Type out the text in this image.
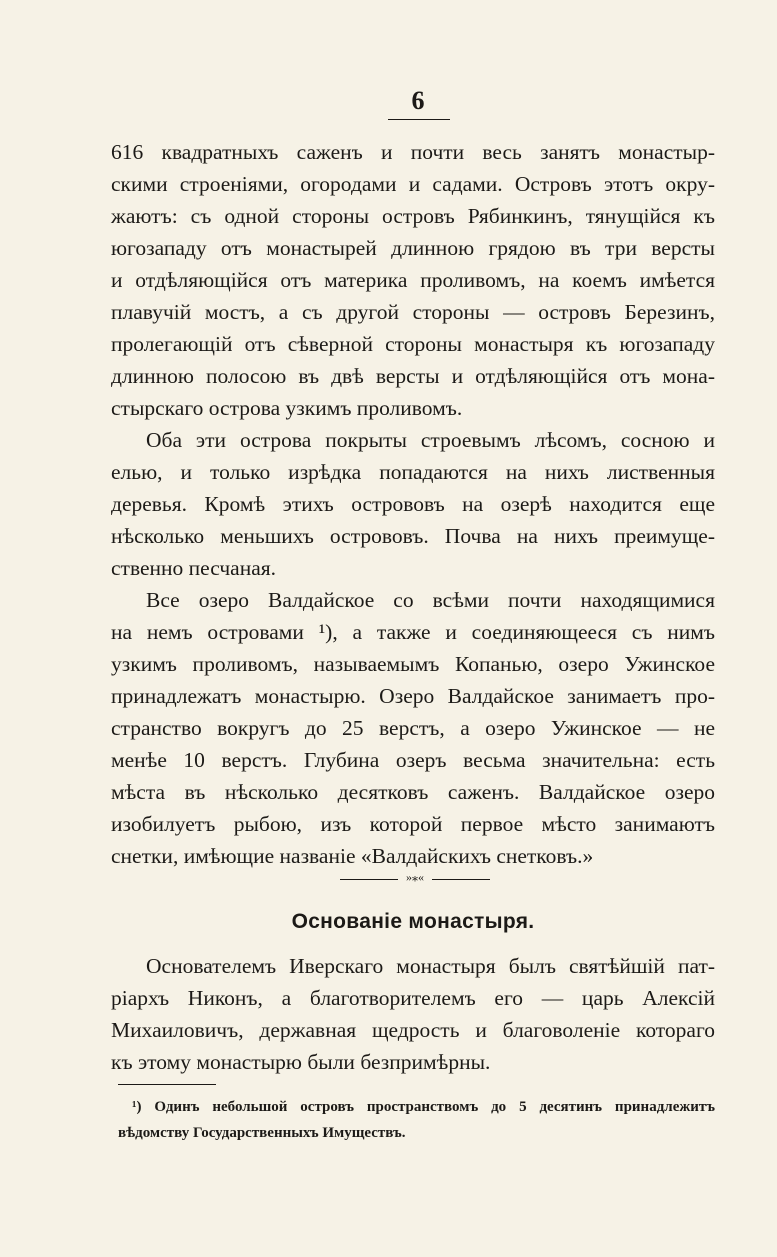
6
616 квадратныхъ саженъ и почти весь занятъ монастыр-
скими строеніями, огородами и садами. Островъ этотъ окру-
жаютъ: съ одной стороны островъ Рябинкинъ, тянущійся къ
югозападу отъ монастырей длинною грядою въ три версты
и отдѣляющійся отъ материка проливомъ, на коемъ имѣется
плавучій мостъ, а съ другой стороны — островъ Березинъ,
пролегающій отъ сѣверной стороны монастыря къ югозападу
длинною полосою въ двѣ версты и отдѣляющійся отъ мона-
стырскаго острова узкимъ проливомъ.
Оба эти острова покрыты строевымъ лѣсомъ, сосною и
елью, и только изрѣдка попадаются на нихъ лиственныя
деревья. Кромѣ этихъ острововъ на озерѣ находится еще
нѣсколько меньшихъ острововъ. Почва на нихъ преимуще-
ственно песчаная.
Все озеро Валдайское со всѣми почти находящимися
на немъ островами ¹), а также и соединяющееся съ нимъ
узкимъ проливомъ, называемымъ Копанью, озеро Ужинское
принадлежатъ монастырю. Озеро Валдайское занимаетъ про-
странство вокругъ до 25 верстъ, а озеро Ужинское — не
менѣе 10 верстъ. Глубина озеръ весьма значительна: есть
мѣста въ нѣсколько десятковъ саженъ. Валдайское озеро
изобилуетъ рыбою, изъ которой первое мѣсто занимаютъ
снетки, имѣющие названіе «Валдайскихъ снетковъ.»
»⁎«
Основаніе монастыря.
Основателемъ Иверскаго монастыря былъ святѣйшій пат-
ріархъ Никонъ, а благотворителемъ его — царь Алексій
Михаиловичъ, державная щедрость и благоволеніе котораго
къ этому монастырю были безпримѣрны.
¹) Одинъ небольшой островъ пространствомъ до 5 десятинъ принадлежитъ
вѣдомству Государственныхъ Имуществъ.
